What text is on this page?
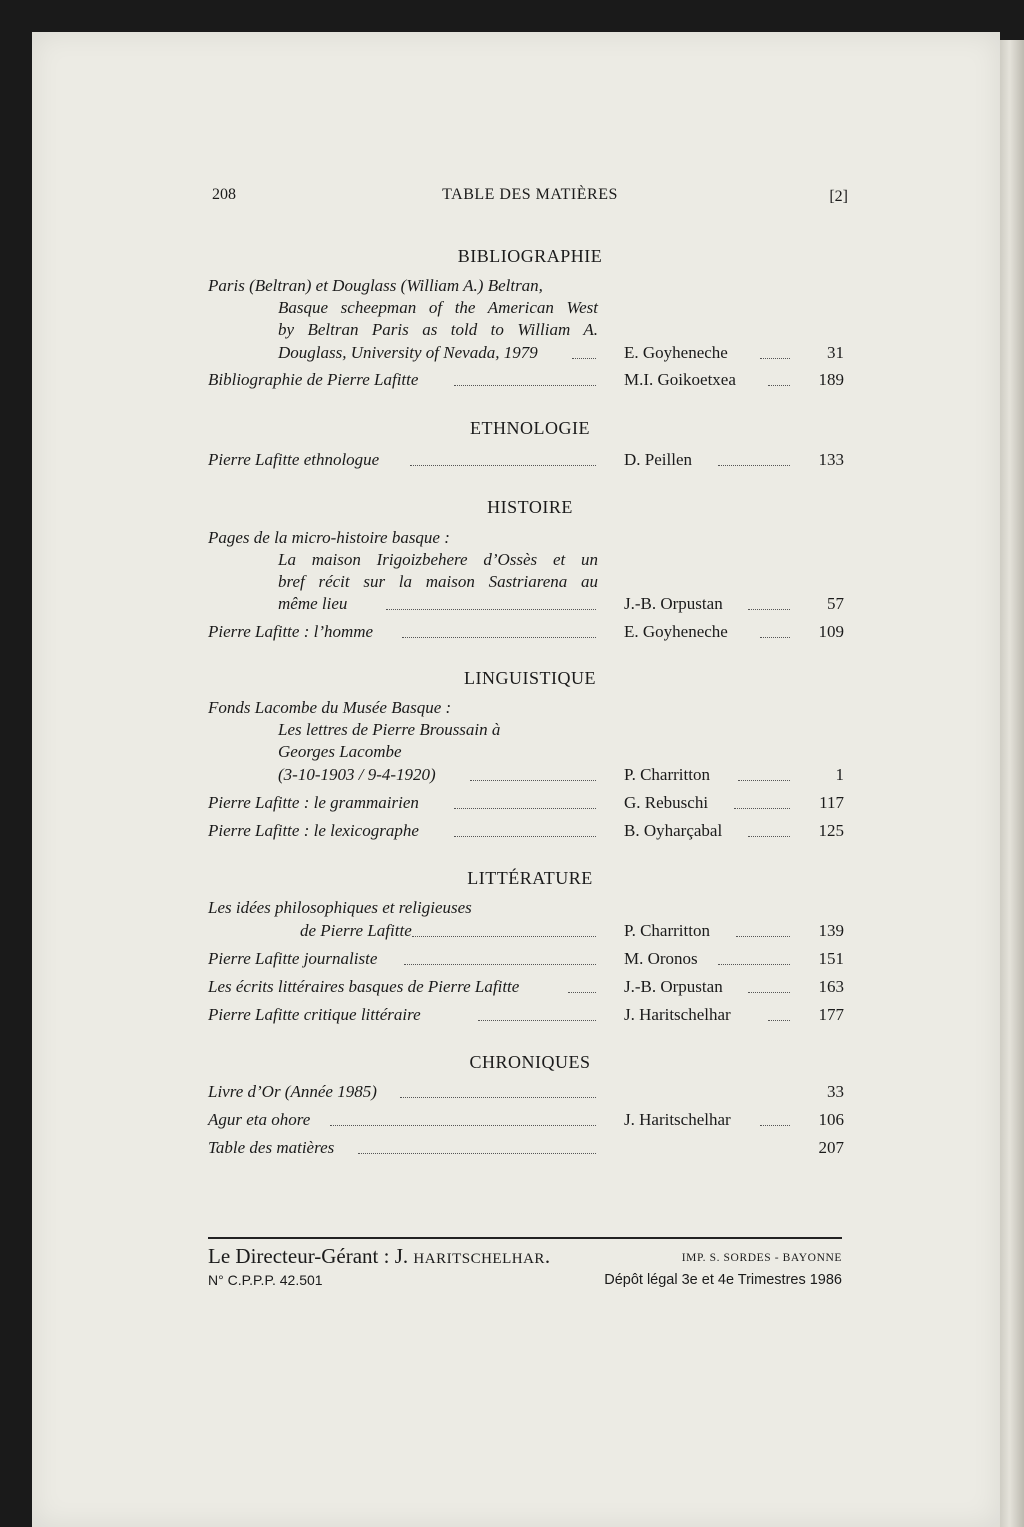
208	TABLE DES MATIÈRES	[2]
BIBLIOGRAPHIE
Paris (Beltran) et Douglass (William A.) Beltran,
Basque scheepman of the American West
by Beltran Paris as told to William A.
Douglass, University of Nevada, 1979	E. Goyheneche	31
Bibliographie de Pierre Lafitte	M.I. Goikoetxea	189
ETHNOLOGIE
Pierre Lafitte ethnologue	D. Peillen	133
HISTOIRE
Pages de la micro-histoire basque :
La maison Irigoizbehere d’Ossès et un
bref récit sur la maison Sastriarena au
même lieu	J.-B. Orpustan	57
Pierre Lafitte : l’homme	E. Goyheneche	109
LINGUISTIQUE
Fonds Lacombe du Musée Basque :
Les lettres de Pierre Broussain à
Georges Lacombe
(3-10-1903 / 9-4-1920)	P. Charritton	1
Pierre Lafitte : le grammairien	G. Rebuschi	117
Pierre Lafitte : le lexicographe	B. Oyharçabal	125
LITTÉRATURE
Les idées philosophiques et religieuses
de Pierre Lafitte	P. Charritton	139
Pierre Lafitte journaliste	M. Oronos	151
Les écrits littéraires basques de Pierre Lafitte	J.-B. Orpustan	163
Pierre Lafitte critique littéraire	J. Haritschelhar	177
CHRONIQUES
Livre d’Or (Année 1985)	33
Agur eta ohore	J. Haritschelhar	106
Table des matières	207
Le Directeur-Gérant : J. HARITSCHELHAR.	IMP. S. SORDES - BAYONNE
N° C.P.P.P. 42.501	Dépôt légal 3e et 4e Trimestres 1986
